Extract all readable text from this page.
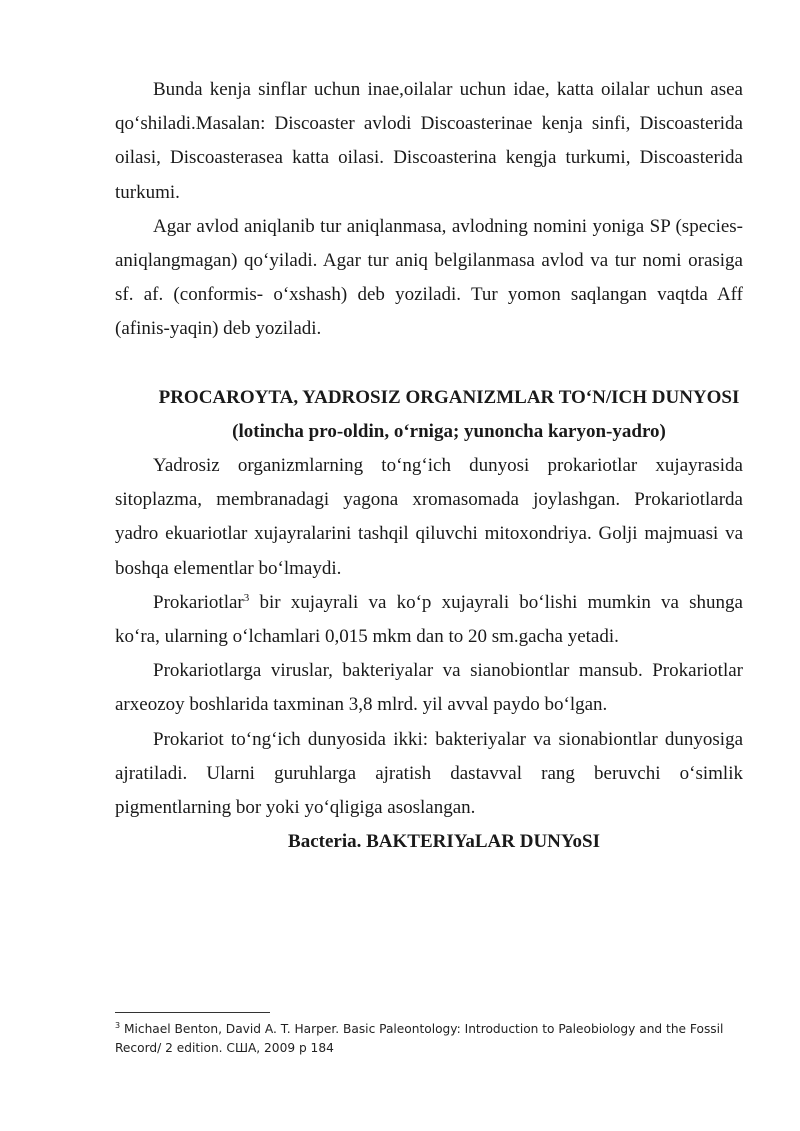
Bunda kenja sinflar uchun inae,oilalar uchun idae, katta oilalar uchun asea qo‘shiladi.Masalan: Discoaster avlodi Discoasterinae kenja sinfi, Discoasterida oilasi, Discoasterasea katta oilasi. Discoasterina kengja turkumi, Discoasterida turkumi.

Agar avlod aniqlanib tur aniqlanmasa, avlodning nomini yoniga SP (species-aniqlangmagan) qo‘yiladi. Agar tur aniq belgilanmasa avlod va tur nomi orasiga sf. af. (conformis- o‘xshash) deb yoziladi. Tur yomon saqlangan vaqtda Aff (afinis-yaqin) deb yoziladi.

PROCAROYTA, YADROSIZ ORGANIZMLAR TO‘N/ICH DUNYOSI
(lotincha pro-oldin, o‘rniga; yunoncha karyon-yadro)

Yadrosiz organizmlarning to‘ng‘ich dunyosi prokariotlar xujayrasida sitoplazma, membranadagi yagona xromasomada joylashgan. Prokariotlarda yadro ekuariotlar xujayralarini tashqil qiluvchi mitoxondriya. Golji majmuasi va boshqa elementlar bo‘lmaydi.

Prokariotlar$^3$ bir xujayrali va ko‘p xujayrali bo‘lishi mumkin va shunga ko‘ra, ularning o‘lchamlari 0,015 mkm dan to 20 sm.gacha yetadi.

Prokariotlarga viruslar, bakteriyalar va sianobiontlar mansub. Prokariotlar arxeozoy boshlarida taxminan 3,8 mlrd. yil avval paydo bo‘lgan.

Prokariot to‘ng‘ich dunyosida ikki: bakteriyalar va sionabiontlar dunyosiga ajratiladi. Ularni guruhlarga ajratish dastavval rang beruvchi o‘simlik pigmentlarning bor yoki yo‘qligiga asoslangan.

Bacteria. BAKTERIYaLAR DUNYoSI
$^3$ Michael Benton, David A. T. Harper. Basic Paleontology: Introduction to Paleobiology and the Fossil Record/ 2 edition. США, 2009 p 184
